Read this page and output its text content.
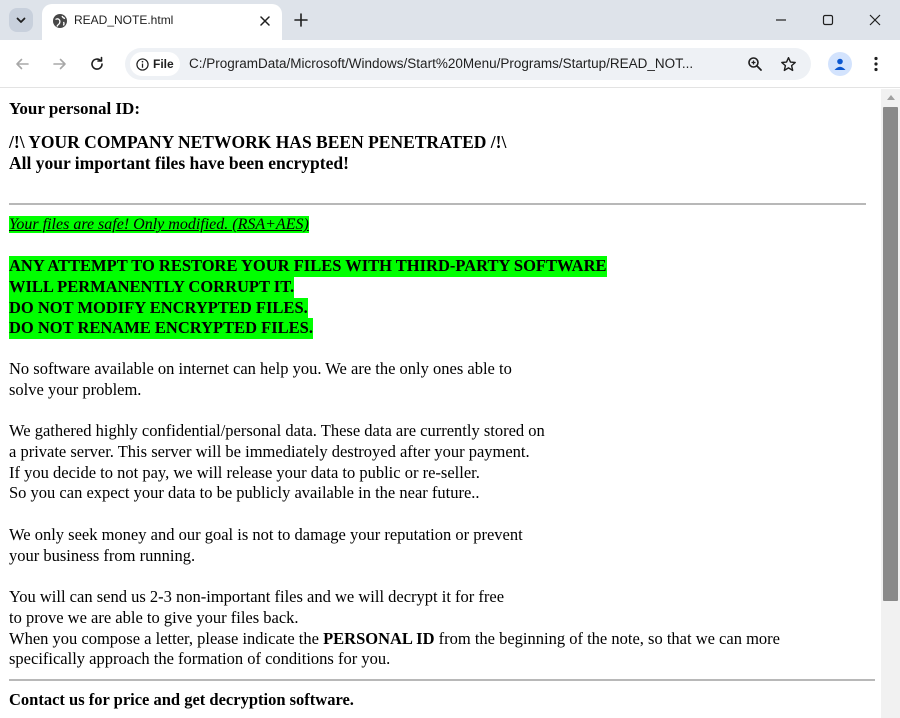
READ_NOTE.html
File C:/ProgramData/Microsoft/Windows/Start%20Menu/Programs/Startup/READ_NOT...
Your personal ID:
/!\ YOUR COMPANY NETWORK HAS BEEN PENETRATED /!\
All your important files have been encrypted!
Your files are safe! Only modified. (RSA+AES)
ANY ATTEMPT TO RESTORE YOUR FILES WITH THIRD-PARTY SOFTWARE
WILL PERMANENTLY CORRUPT IT.
DO NOT MODIFY ENCRYPTED FILES.
DO NOT RENAME ENCRYPTED FILES.
No software available on internet can help you. We are the only ones able to
solve your problem.
We gathered highly confidential/personal data. These data are currently stored on
a private server. This server will be immediately destroyed after your payment.
If you decide to not pay, we will release your data to public or re-seller.
So you can expect your data to be publicly available in the near future..
We only seek money and our goal is not to damage your reputation or prevent
your business from running.
You will can send us 2-3 non-important files and we will decrypt it for free
to prove we are able to give your files back.
When you compose a letter, please indicate the PERSONAL ID from the beginning of the note, so that we can more
specifically approach the formation of conditions for you.
Contact us for price and get decryption software.
